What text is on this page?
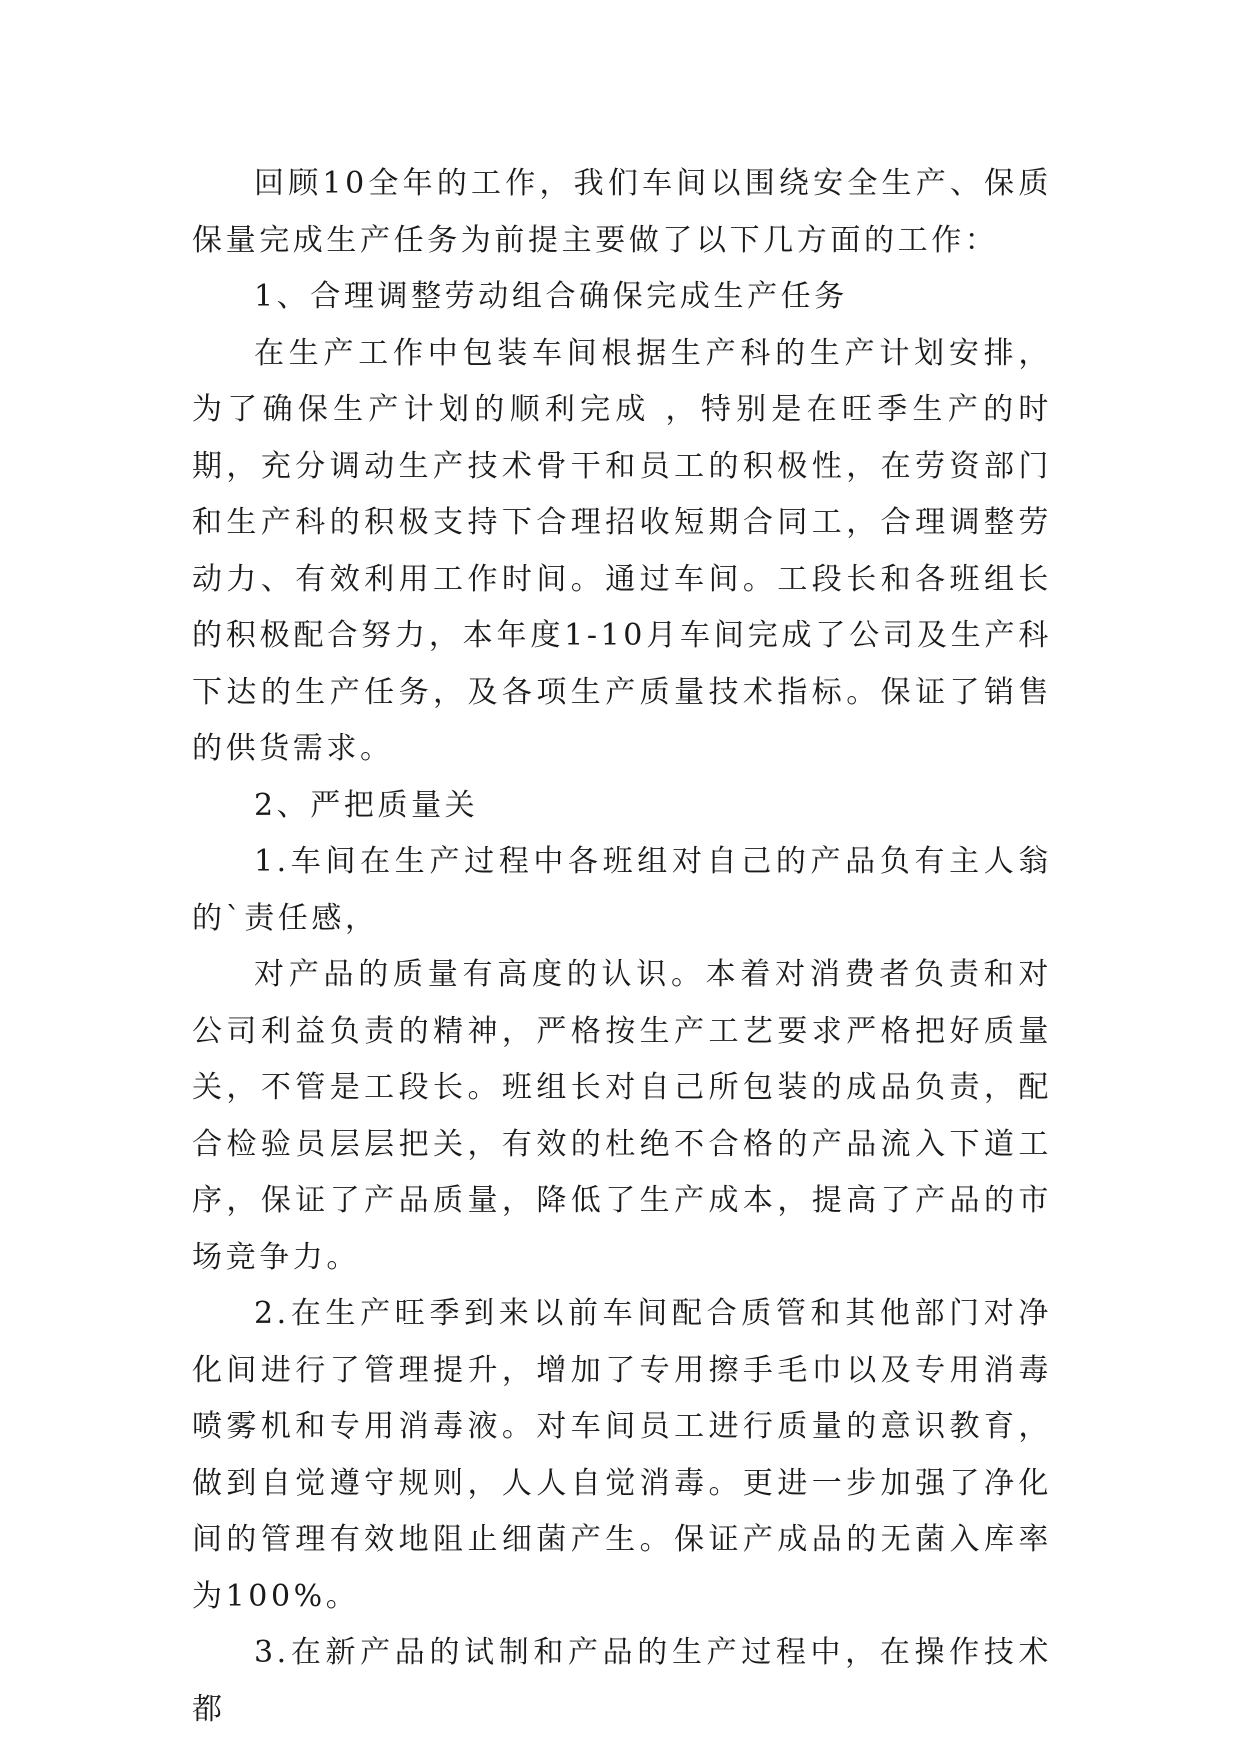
回顾10全年的工作，我们车间以围绕安全生产、保质保量完成生产任务为前提主要做了以下几方面的工作：

1、合理调整劳动组合确保完成生产任务

在生产工作中包装车间根据生产科的生产计划安排，为了确保生产计划的顺利完成 ，特别是在旺季生产的时期，充分调动生产技术骨干和员工的积极性，在劳资部门和生产科的积极支持下合理招收短期合同工，合理调整劳动力、有效利用工作时间。通过车间。工段长和各班组长的积极配合努力，本年度1-10月车间完成了公司及生产科下达的生产任务，及各项生产质量技术指标。保证了销售的供货需求。

2、严把质量关

1.车间在生产过程中各班组对自己的产品负有主人翁的`责任感，

对产品的质量有高度的认识。本着对消费者负责和对公司利益负责的精神，严格按生产工艺要求严格把好质量关，不管是工段长。班组长对自己所包装的成品负责，配合检验员层层把关，有效的杜绝不合格的产品流入下道工序，保证了产品质量，降低了生产成本，提高了产品的市场竞争力。

2.在生产旺季到来以前车间配合质管和其他部门对净化间进行了管理提升，增加了专用擦手毛巾以及专用消毒喷雾机和专用消毒液。对车间员工进行质量的意识教育，做到自觉遵守规则，人人自觉消毒。更进一步加强了净化间的管理有效地阻止细菌产生。保证产成品的无菌入库率为100%。

3.在新产品的试制和产品的生产过程中，在操作技术都
